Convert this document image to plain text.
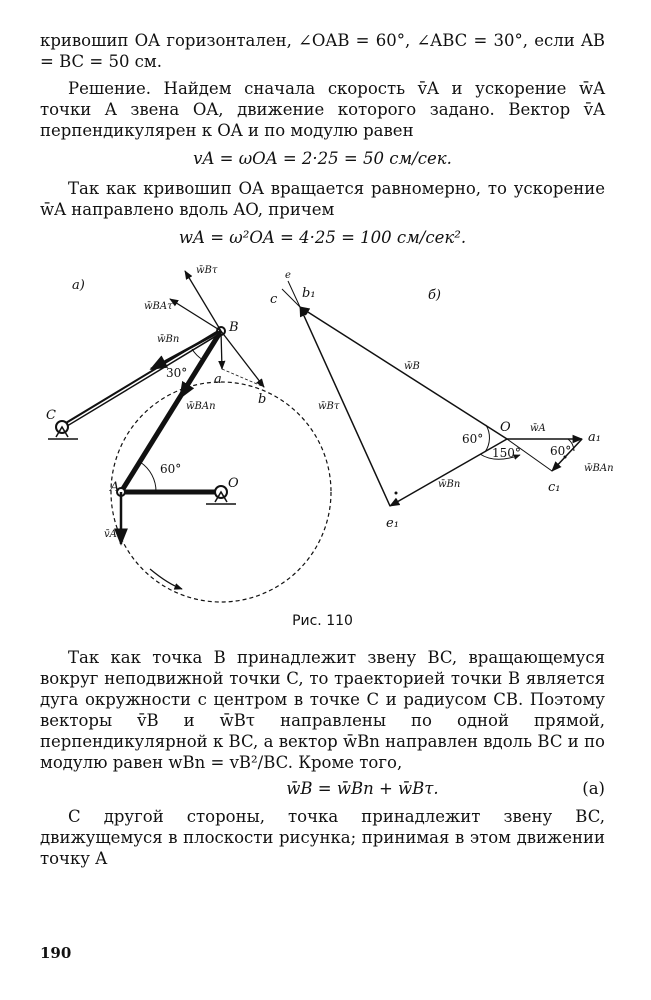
кривошип OA горизонтален, ∠OAB = 60°, ∠ABC = 30°, если AB = BC = 50 см.

Решение. Найдем сначала скорость v̄A и ускорение w̄A точки A звена OA, движение которого задано. Вектор v̄A перпендикулярен к OA и по модулю равен

vA = ωOA = 2·25 = 50 см/сек.

Так как кривошип OA вращается равномерно, то ускорение w̄A направлено вдоль AO, причем

wA = ω²OA = 4·25 = 100 см/сек².
а)
A
B
C
O
a
b
60°
30°
w̄Bτ
w̄BAτ
w̄Bn
w̄BAn
v̄A
б)
c
e
b₁
O
a₁
c₁
e₁
w̄B
w̄Bτ
w̄Bn
w̄A
w̄BAn
60°
150° 60°
Рис. 110

Так как точка B принадлежит звену BC, вращающемуся вокруг неподвижной точки C, то траекторией точки B является дуга окружности с центром в точке C и радиусом CB. Поэтому векторы v̄B и w̄Bτ направлены по одной прямой, перпендикулярной к BC, а вектор w̄Bn направлен вдоль BC и по модулю равен wBn = vB²/BC. Кроме того,

w̄B = w̄Bn + w̄Bτ.	(a)

С другой стороны, точка принадлежит звену BC, движущемуся в плоскости рисунка; принимая в этом движении точку A

190
